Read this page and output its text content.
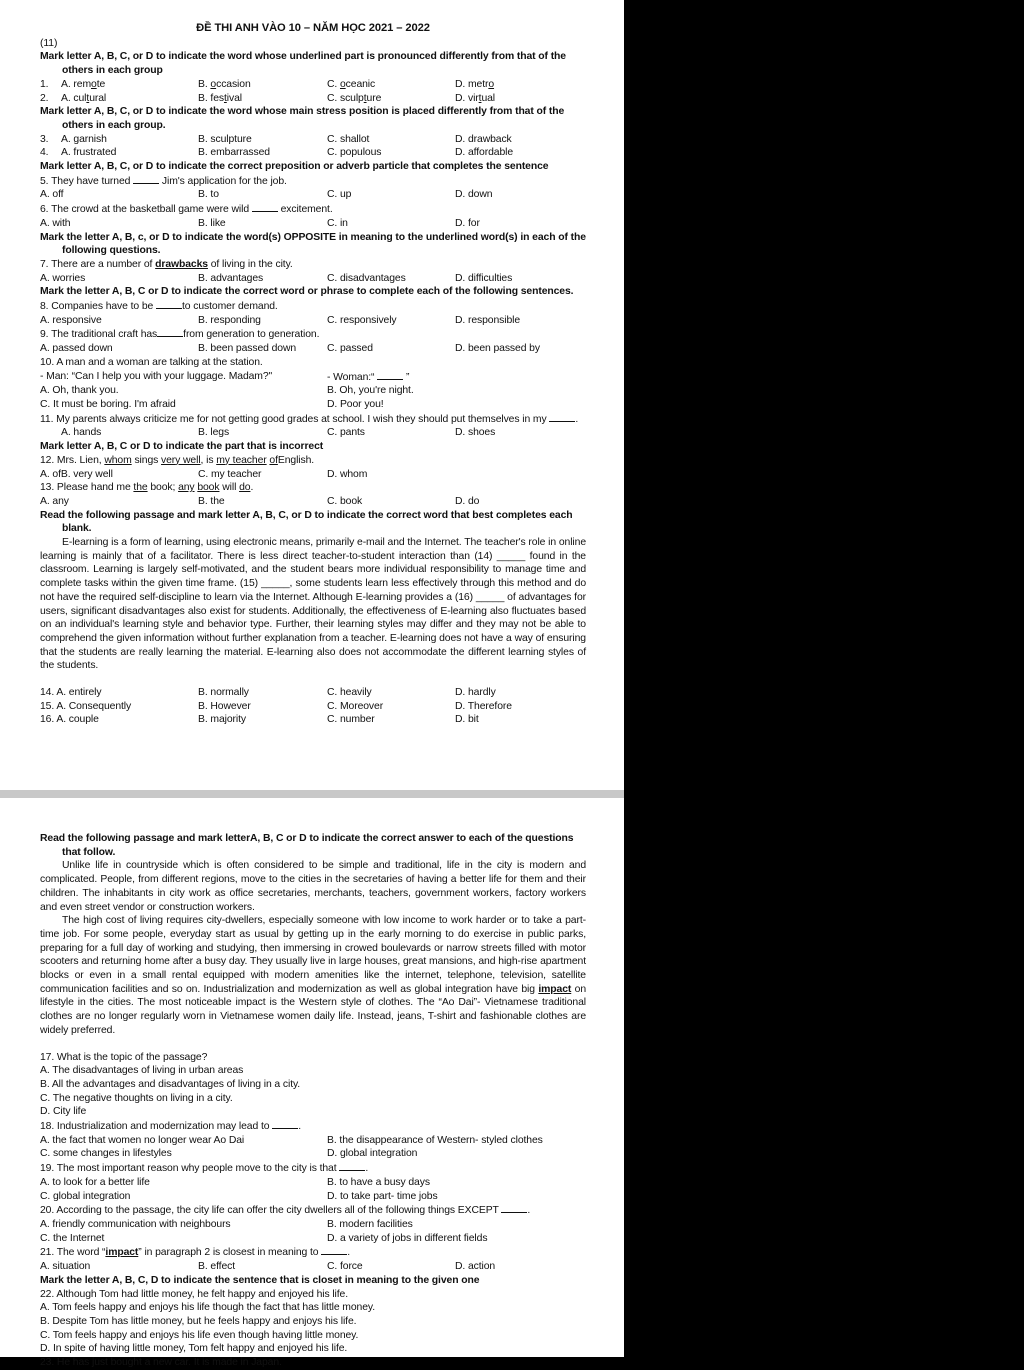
ĐỀ THI ANH VÀO 10 – NĂM HỌC 2021 – 2022
(11)
Mark letter A, B, C, or D to indicate the word whose underlined part is pronounced differently from that of the others in each group
1. A. remote	B. occasion	C. oceanic	D. metro
2. A. cultural	B. festival	C. sculpture	D. virtual
Mark letter A, B, C, or D to indicate the word whose main stress position is placed differently from that of the others in each group.
3. A. garnish	B. sculpture	C. shallot	D. drawback
4. A. frustrated	B. embarrassed	C. populous	D. affordable
Mark letter A, B, C, or D to indicate the correct preposition or adverb particle that completes the sentence
5. They have turned	Jim's application for the job.
A. off	B. to	C. up	D. down
6. The crowd at the basketball game were wild	excitement.
A. with	B. like	C. in	D. for
Mark the letter A, B, c, or D to indicate the word(s) OPPOSITE in meaning to the underlined word(s) in each of the following questions.
7. There are a number of drawbacks of living in the city.
A. worries	B. advantages	C. disadvantages	D. difficulties
Mark the letter A, B, C or D to indicate the correct word or phrase to complete each of the following sentences.
8. Companies have to be	to customer demand.
A. responsive	B. responding	C. responsively	D. responsible
9. The traditional craft has	from generation to generation.
A. passed down	B. been passed down	C. passed	D. been passed by
10. A man and a woman are talking at the station.
- Man: “Can I help you with your luggage. Madam?"	- Woman:“	”
A. Oh, thank you.	B. Oh, you're night.
C. It must be boring. I'm afraid	D. Poor you!
11. My parents always criticize me for not getting good grades at school. I wish they should put themselves in my	.
A. hands	B. legs	C. pants	D. shoes
Mark letter A, B, C or D to indicate the part that is incorrect
12. Mrs. Lien, whom sings very well, is my teacher ofEnglish.
A. ofB. very well	C. my teacher	D. whom
13. Please hand me the book; any book will do.
A. any	B. the	C. book	D. do
Read the following passage and mark letter A, B, C, or D to indicate the correct word that best completes each blank.
E-learning is a form of learning, using electronic means, primarily e-mail and the Internet. The teacher's role in online learning is mainly that of a facilitator. There is less direct teacher-to-student interaction than (14) _____ found in the classroom. Learning is largely self-motivated, and the student bears more individual responsibility to manage time and complete tasks within the given time frame. (15) _____, some students learn less effectively through this method and do not have the required self-discipline to learn via the Internet. Although E-learning provides a (16) _____ of advantages for users, significant disadvantages also exist for students. Additionally, the effectiveness of E-learning also fluctuates based on an individual's learning style and behavior type. Further, their learning styles may differ and they may not be able to comprehend the given information without further explanation from a teacher. E-learning does not have a way of ensuring that the students are really learning the material. E-learning also does not accommodate the different learning styles of the students.
14. A. entirely	B. normally	C. heavily	D. hardly
15. A. Consequently	B. However	C. Moreover	D. Therefore
16. A. couple	B. majority	C. number	D. bit
Read the following passage and mark letterA, B, C or D to indicate the correct answer to each of the questions that follow.
Unlike life in countryside which is often considered to be simple and traditional, life in the city is modern and complicated. People, from different regions, move to the cities in the secretaries of having a better life for them and their children. The inhabitants in city work as office secretaries, merchants, teachers, government workers, factory workers and even street vendor or construction workers.
The high cost of living requires city-dwellers, especially someone with low income to work harder or to take a part-time job. For some people, everyday start as usual by getting up in the early morning to do exercise in public parks, preparing for a full day of working and studying, then immersing in crowed boulevards or narrow streets filled with motor scooters and returning home after a busy day. They usually live in large houses, great mansions, and high-rise apartment blocks or even in a small rental equipped with modern amenities like the internet, telephone, television, satellite communication facilities and so on. Industrialization and modernization as well as global integration have big impact on lifestyle in the cities. The most noticeable impact is the Western style of clothes. The “Ao Dai”- Vietnamese traditional clothes are no longer regularly worn in Vietnamese women daily life. Instead, jeans, T-shirt and fashionable clothes are widely preferred.
17. What is the topic of the passage?
A. The disadvantages of living in urban areas
B. All the advantages and disadvantages of living in a city.
C. The negative thoughts on living in a city.
D. City life
18. Industrialization and modernization may lead to	.
A. the fact that women no longer wear Ao Dai	B. the disappearance of Western- styled clothes
C. some changes in lifestyles	D. global integration
19. The most important reason why people move to the city is that	.
A. to look for a better life	B. to have a busy days
C. global integration	D. to take part- time jobs
20. According to the passage, the city life can offer the city dwellers all of the following things EXCEPT	.
A. friendly communication with neighbours	B. modern facilities
C. the Internet	D. a variety of jobs in different fields
21. The word “impact” in paragraph 2 is closest in meaning to	.
A. situation	B. effect	C. force	D. action
Mark the letter A, B, C, D to indicate the sentence that is closet in meaning to the given one
22. Although Tom had little money, he felt happy and enjoyed his life.
A. Tom feels happy and enjoys his life though the fact that has little money.
B. Despite Tom has little money, but he feels happy and enjoys his life.
C. Tom feels happy and enjoys his life even though having little money.
D. In spite of having little money, Tom felt happy and enjoyed his life.
23. He has just bought a new car. It is made in Japan.
